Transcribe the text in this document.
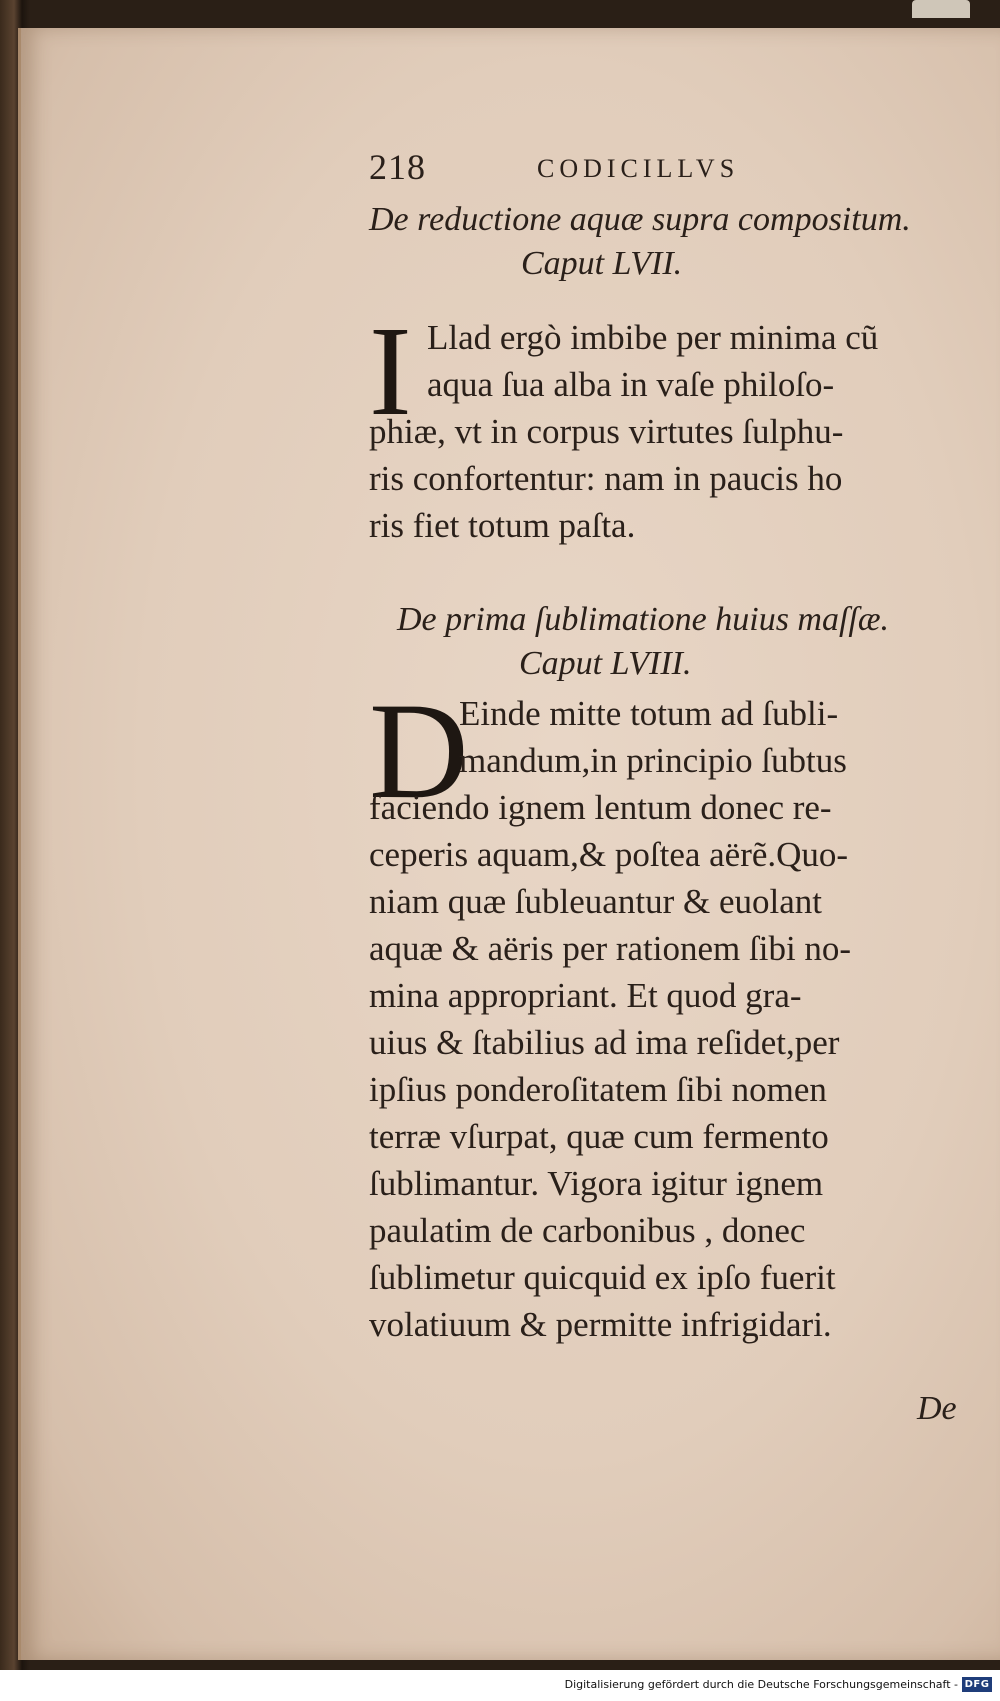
218	CODICILLVS
De reductione aquæ supra compositum.
Caput LVII.
I Llad ergò imbibe per minima cũ
aqua ſua alba in vaſe philoſo-
phiæ, vt in corpus virtutes ſulphu-
ris confortentur: nam in paucis ho
ris fiet totum paſta.
De prima ſublimatione huius maſſæ.
Caput LVIII.
D
Einde mitte totum ad ſubli-
mandum,in principio ſubtus
faciendo ignem lentum donec re-
ceperis aquam,& poſtea aërẽ.Quo-
niam quæ ſubleuantur & euolant
aquæ & aëris per rationem ſibi no-
mina appropriant. Et quod gra-
uius & ſtabilius ad ima reſidet,per
ipſius ponderoſitatem ſibi nomen
terræ vſurpat, quæ cum fermento
ſublimantur. Vigora igitur ignem
paulatim de carbonibus , donec
ſublimetur quicquid ex ipſo fuerit
volatiuum & permitte infrigidari.
De
Digitalisierung gefördert durch die Deutsche Forschungsgemeinschaft - DFG
